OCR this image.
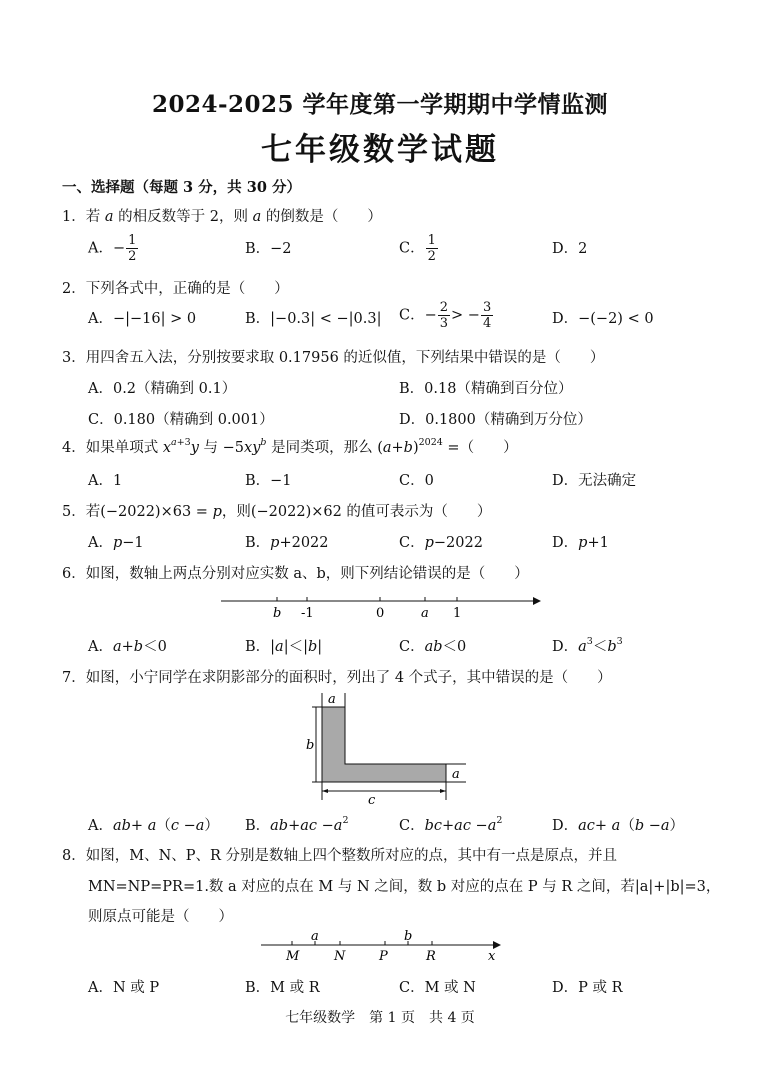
2024-2025 学年度第一学期期中学情监测
七年级数学试题
一、选择题（每题 3 分，共 30 分）
1．若 a 的相反数等于 2，则 a 的倒数是（　　）
A．− $\frac{1}{2}$	B．−2	C． $\frac{1}{2}$	D．2
2．下列各式中，正确的是（　　）
A．−|−16| > 0	B．|−0.3| < −|0.3| C．− $\frac{2}{3}$ > − $\frac{3}{4}$	D．−(−2) < 0
3．用四舍五入法，分别按要求取 0.17956 的近似值，下列结果中错误的是（　　）
A．0.2（精确到 0.1）	B．0.18（精确到百分位）
C．0.180（精确到 0.001）	D．0.1800（精确到万分位）
4．如果单项式 $x^{a+3}y$ 与 $-5xy^b$ 是同类项，那么 $(a+b)^{2024}$ =（　　）
A．1	B．−1	C．0	D．无法确定
5．若(−2022)×63 = p，则(−2022)×62 的值可表示为（　　）
A．p−1	B．p+2022	C．p−2022	D．p+1
6．如图，数轴上两点分别对应实数 a、b，则下列结论错误的是（　　）
b -1	0	a 1
A．a+b＜0	B．|a|＜|b|	C．ab＜0	D．$a^3<b^3$
7．如图，小宁同学在求阴影部分的面积时，列出了 4 个式子，其中错误的是（　　）
a
b
a
c
A．ab+ a（c −a） B．$ab+ac -a^2$	C．$bc+ac -a^2$	D．ac+ a（b −a）
8．如图，M、N、P、R 分别是数轴上四个整数所对应的点，其中有一点是原点，并且
MN=NP=PR=1.数 a 对应的点在 M 与 N 之间，数 b 对应的点在 P 与 R 之间，若|a|+|b|=3，
则原点可能是（　　）
a	b
M	N	P	R	x
A．N 或 P	B．M 或 R	C．M 或 N	D．P 或 R
七年级数学　第 1 页　共 4 页
